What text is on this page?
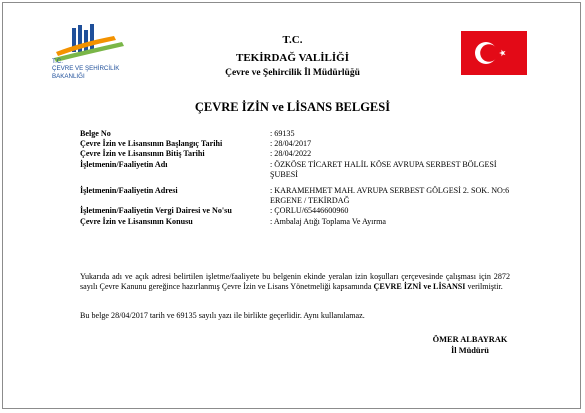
T.C.
ÇEVRE VE ŞEHİRCİLİK
BAKANLIĞI
T.C.
TEKİRDAĞ VALİLİĞİ
Çevre ve Şehircilik İl Müdürlüğü
ÇEVRE İZİN ve LİSANS BELGESİ
Belge No	: 69135
Çevre İzin ve Lisansının Başlangıç Tarihi	: 28/04/2017
Çevre İzin ve Lisansının Bitiş Tarihi	: 28/04/2022
İşletmenin/Faaliyetin Adı	: ÖZKÖSE TİCARET HALİL KÖSE AVRUPA SERBEST BÖLGESİ ŞUBESİ
İşletmenin/Faaliyetin Adresi	: KARAMEHMET MAH. AVRUPA SERBEST GÖLGESİ 2. SOK. NO:6 ERGENE / TEKİRDAĞ
İşletmenin/Faaliyetin Vergi Dairesi ve No'su	: ÇORLU/65446600960
Çevre İzin ve Lisansının Konusu	: Ambalaj Atığı Toplama Ve Ayırma
Yukarıda adı ve açık adresi belirtilen işletme/faaliyete bu belgenin ekinde yeralan izin koşulları çerçevesinde çalışması için 2872 sayılı Çevre Kanunu gereğince hazırlanmış Çevre İzin ve Lisans Yönetmeliği kapsamında ÇEVRE İZNİ ve LİSANSI verilmiştir.
Bu belge 28/04/2017 tarih ve 69135 sayılı yazı ile birlikte geçerlidir. Aynı kullanılamaz.
ÖMER ALBAYRAK
İl Müdürü
